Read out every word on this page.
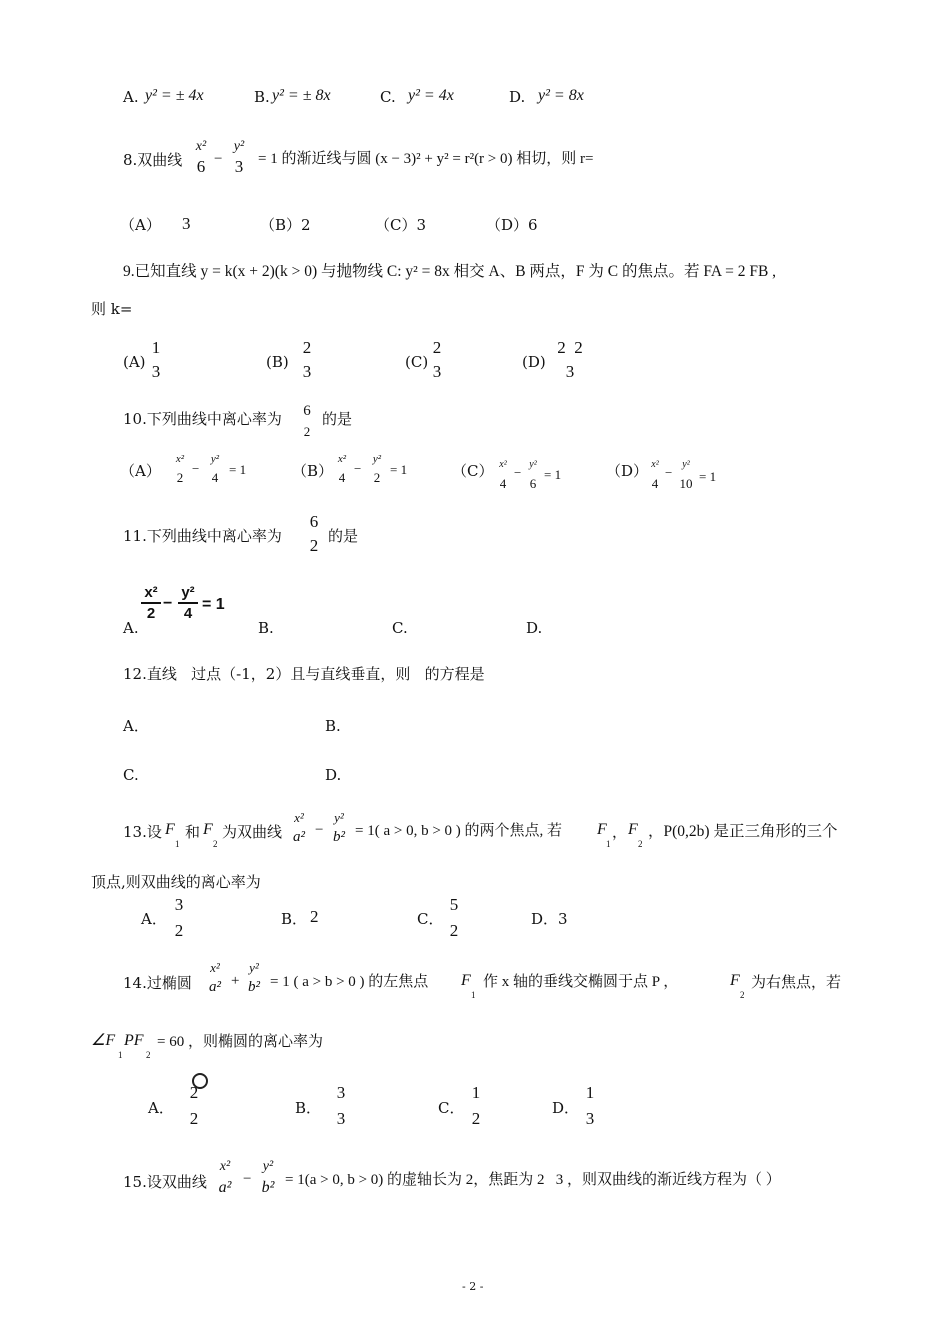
A. y² = ± 4x	B. y² = ± 8x	C. y² = 4x	D. y² = 8x
8.双曲线
x²
6 −
y²
3 = 1 的渐近线与圆 (x − 3)² + y² = r²(r > 0) 相切，则 r=
（A） 3	（B）2	（C）3	（D）6
9.已知直线 y = k(x + 2)(k > 0) 与抛物线 C: y² = 8x 相交 A、B 两点，F 为 C 的焦点。若 FA = 2 FB ,
则 k=
(A)
1
3	(B)
2
3	(C)
2
3	(D)
2  2
3
10.下列曲线中离心率为 6
2
的是
（A）
x²
2
−
y²
4
= 1	（B）
x²
4
−
y²
2
= 1	（C） x²
4
−
y²
6
= 1	（D） x²
4
−
y²
10 = 1
11.下列曲线中离心率为
6
2 的是
x²
2
−
y²
4
= 1
A.	B.	C.	D.
12.直线   过点（-1，2）且与直线垂直，则   的方程是
A．	B.
C.	D.
13.设 F
1
和 F
2
为双曲线
x²
a² −
y²
b² = 1( a > 0, b > 0 ) 的两个焦点, 若 F
1
， F
2
，P(0,2b) 是正三角形的三个
顶点,则双曲线的离心率为
A．
3
2
B． 2	C．
5
2
D．3
14.过椭圆
x²
a² +
y²
b² = 1 ( a > b > 0 ) 的左焦点 F
1
作 x 轴的垂线交椭圆于点 P ，	F
2
为右焦点，若
∠F
1
PF
2
= 60 ，则椭圆的离心率为
A．
2
2
B．
3
3
C．
1
2
D．
1
3
15.设双曲线
x²
a² −
y²
b² = 1(a > 0, b > 0) 的虚轴长为 2，焦距为 2   3 ，则双曲线的渐近线方程为（ ）
- 2 -
